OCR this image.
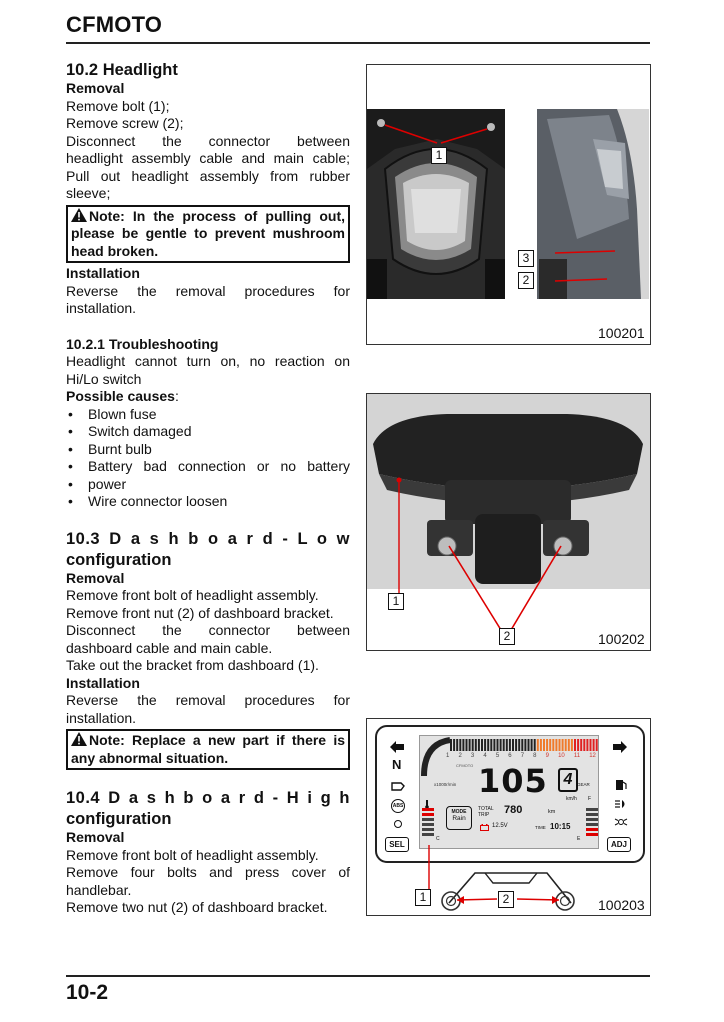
CFMOTO

10.2 Headlight

Removal

Remove bolt (1);

Remove screw (2);

Disconnect the connector between

headlight assembly cable and main cable;

Pull out headlight assembly from rubber

sleeve;

Note: In the process of pulling out,

please be gentle to prevent mushroom

head broken.

Installation

Reverse the removal procedures for

installation.

10.2.1 Troubleshooting

Headlight cannot turn on, no reaction on

Hi/Lo switch

Possible causes:

• Blown fuse
• Switch damaged
• Burnt bulb
• Battery bad connection or no battery
• power
• Wire connector loosen

10.3 D a s h b o a r d - L o w

configuration

Removal

Remove front bolt of headlight assembly.

Remove front nut (2) of dashboard bracket.

Disconnect the connector between

dashboard cable and main cable.

Take out the bracket from dashboard (1).

Installation

Reverse the removal procedures for

installation.

Note: Replace a new part if there is

any abnormal situation.

10.4 D a s h b o a r d - H i g h

configuration

Removal

Remove front bolt of headlight assembly.

Remove four bolts and press cover of

handlebar.

Remove two nut (2) of dashboard bracket.

1
3
2
100201
1
2	100202
N
ABS
SEL	ADJ
1 2 3 4 5 6 7 8 9 10 11 12
CFMOTO
x1000r/min 105 4	GEAR
km/h F
C	E
MODE
Rain
TOTAL
TRIP 780	km
12.5V	TIME 10:15
1	2	100203
10-2
